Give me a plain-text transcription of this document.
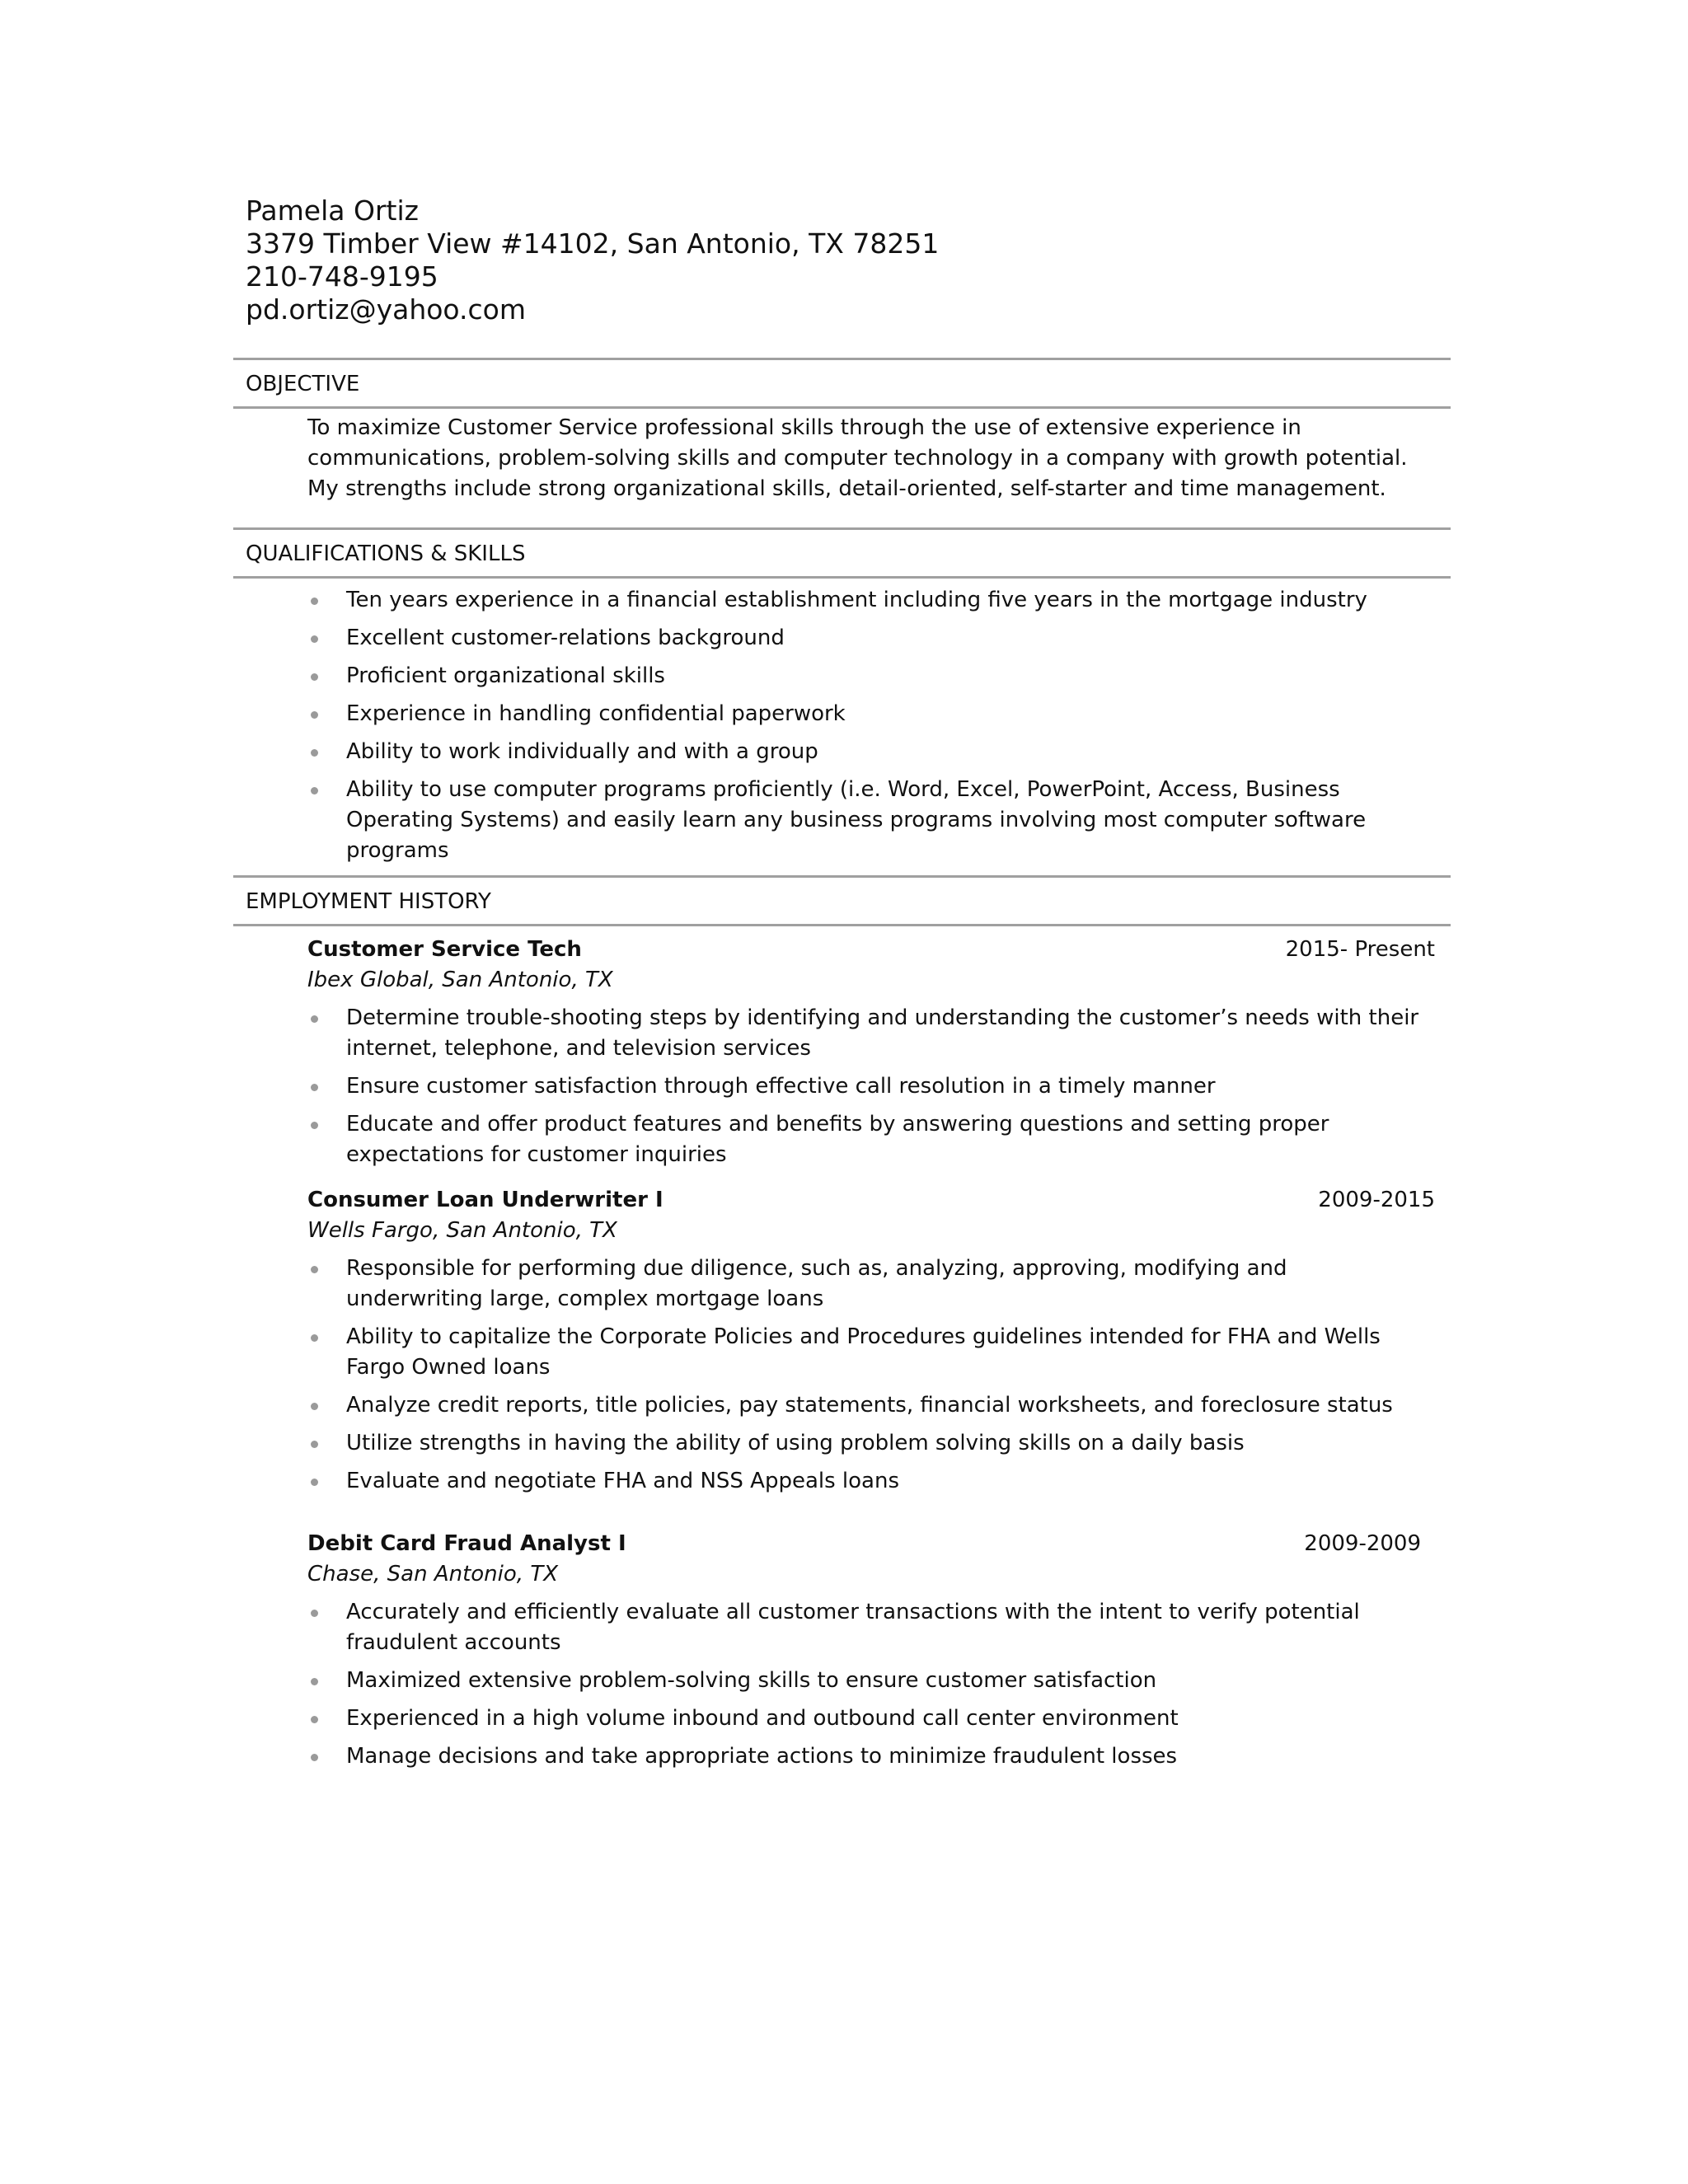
Pamela Ortiz
3379 Timber View #14102, San Antonio, TX 78251
210-748-9195
pd.ortiz@yahoo.com
OBJECTIVE

To maximize Customer Service professional skills through the use of extensive experience in

communications, problem-solving skills and computer technology in a company with growth potential.

My strengths include strong organizational skills, detail-oriented, self-starter and time management.

QUALIFICATIONS & SKILLS
Ten years experience in a financial establishment including five years in the mortgage industry
Excellent customer-relations background
Proficient organizational skills
Experience in handling confidential paperwork
Ability to work individually and with a group
Ability to use computer programs proficiently (i.e. Word, Excel, PowerPoint, Access, Business Operating Systems) and easily learn any business programs involving most computer software programs
EMPLOYMENT HISTORY
Customer Service Tech	2015- Present
Ibex Global, San Antonio, TX
Determine trouble-shooting steps by identifying and understanding the customer’s needs with their internet, telephone, and television services
Ensure customer satisfaction through effective call resolution in a timely manner
Educate and offer product features and benefits by answering questions and setting proper expectations for customer inquiries
Consumer Loan Underwriter I	2009-2015
Wells Fargo, San Antonio, TX
Responsible for performing due diligence, such as, analyzing, approving, modifying and underwriting large, complex mortgage loans
Ability to capitalize the Corporate Policies and Procedures guidelines intended for FHA and Wells Fargo Owned loans
Analyze credit reports, title policies, pay statements, financial worksheets, and foreclosure status
Utilize strengths in having the ability of using problem solving skills on a daily basis
Evaluate and negotiate FHA and NSS Appeals loans
Debit Card Fraud Analyst I	2009-2009
Chase, San Antonio, TX
Accurately and efficiently evaluate all customer transactions with the intent to verify potential fraudulent accounts
Maximized extensive problem-solving skills to ensure customer satisfaction
Experienced in a high volume inbound and outbound call center environment
Manage decisions and take appropriate actions to minimize fraudulent losses
